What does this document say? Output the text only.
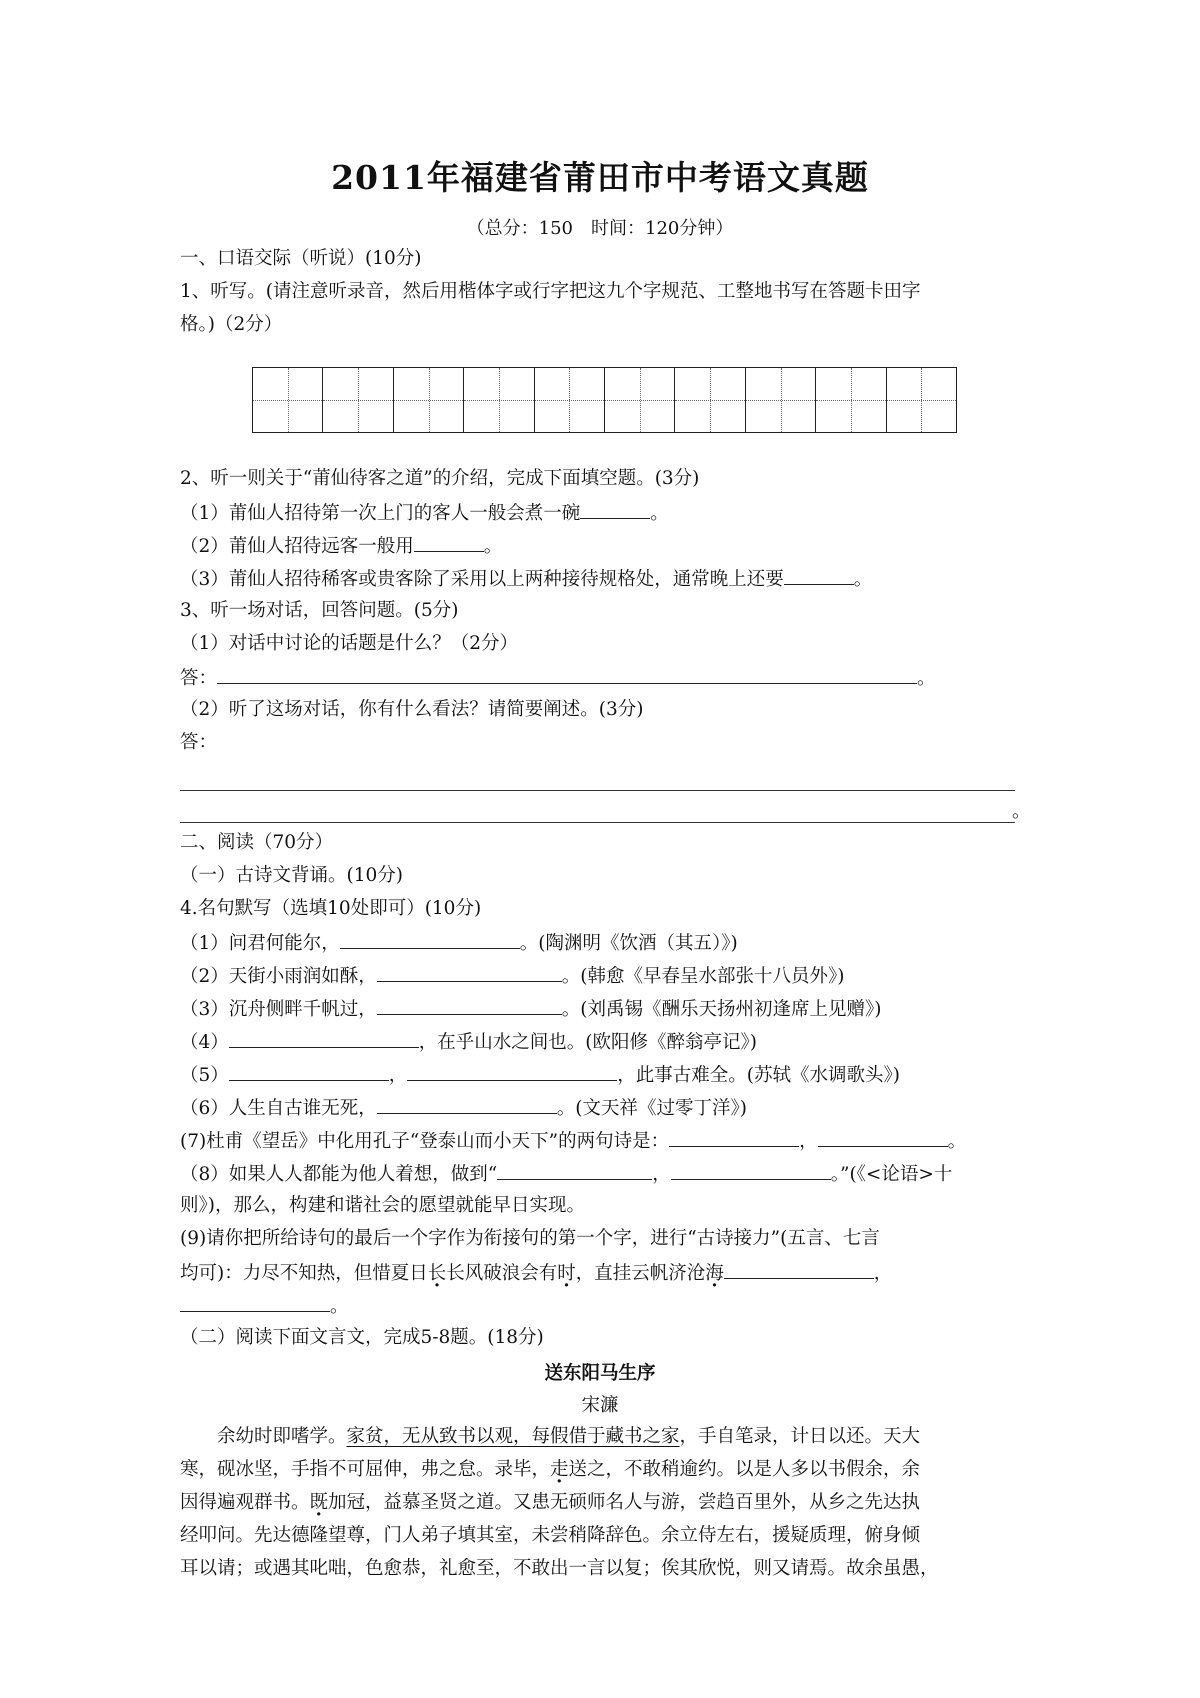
2011年福建省莆田市中考语文真题
（总分：150　时间：120分钟）
一、口语交际（听说）(10分)
1、听写。(请注意听录音，然后用楷体字或行字把这九个字规范、工整地书写在答题卡田字
格。)（2分）
2、听一则关于“莆仙待客之道”的介绍，完成下面填空题。(3分)
（1）莆仙人招待第一次上门的客人一般会煮一碗	。
（2）莆仙人招待远客一般用	。
（3）莆仙人招待稀客或贵客除了采用以上两种接待规格处，通常晚上还要	。
3、听一场对话，回答问题。(5分)
（1）对话中讨论的话题是什么？（2分）
答：	。
（2）听了这场对话，你有什么看法？请简要阐述。(3分)
答：
。
二、阅读（70分）
（一）古诗文背诵。(10分)
4.名句默写（选填10处即可）(10分)
（1）问君何能尔，	。(陶渊明《饮酒（其五）》)
（2）天街小雨润如酥，	。(韩愈《早春呈水部张十八员外》)
（3）沉舟侧畔千帆过，	。(刘禹锡《酬乐天扬州初逢席上见赠》)
（4）	，在乎山水之间也。(欧阳修《醉翁亭记》)
（5）	，	，此事古难全。(苏轼《水调歌头》)
（6）人生自古谁无死，	。(文天祥《过零丁洋》)
(7)杜甫《望岳》中化用孔子“登泰山而小天下”的两句诗是：	，	。
（8）如果人人都能为他人着想，做到“	，	。”(《<论语>十
则》)，那么，构建和谐社会的愿望就能早日实现。
(9)请你把所给诗句的最后一个字作为衔接句的第一个字，进行“古诗接力”(五言、七言
均可)：力尽不知热，但惜夏日长长风破浪会有时，直挂云帆济沧海	，
。
（二）阅读下面文言文，完成5-8题。(18分)
送东阳马生序
宋濂
余幼时即嗜学。家贫，无从致书以观，每假借于藏书之家，手自笔录，计日以还。天大
寒，砚冰坚，手指不可屈伸，弗之怠。录毕，走送之，不敢稍逾约。以是人多以书假余，余
因得遍观群书。既加冠，益慕圣贤之道。又患无硕师名人与游，尝趋百里外，从乡之先达执
经叩问。先达德隆望尊，门人弟子填其室，未尝稍降辞色。余立侍左右，援疑质理，俯身倾
耳以请；或遇其叱咄，色愈恭，礼愈至，不敢出一言以复；俟其欣悦，则又请焉。故余虽愚，
